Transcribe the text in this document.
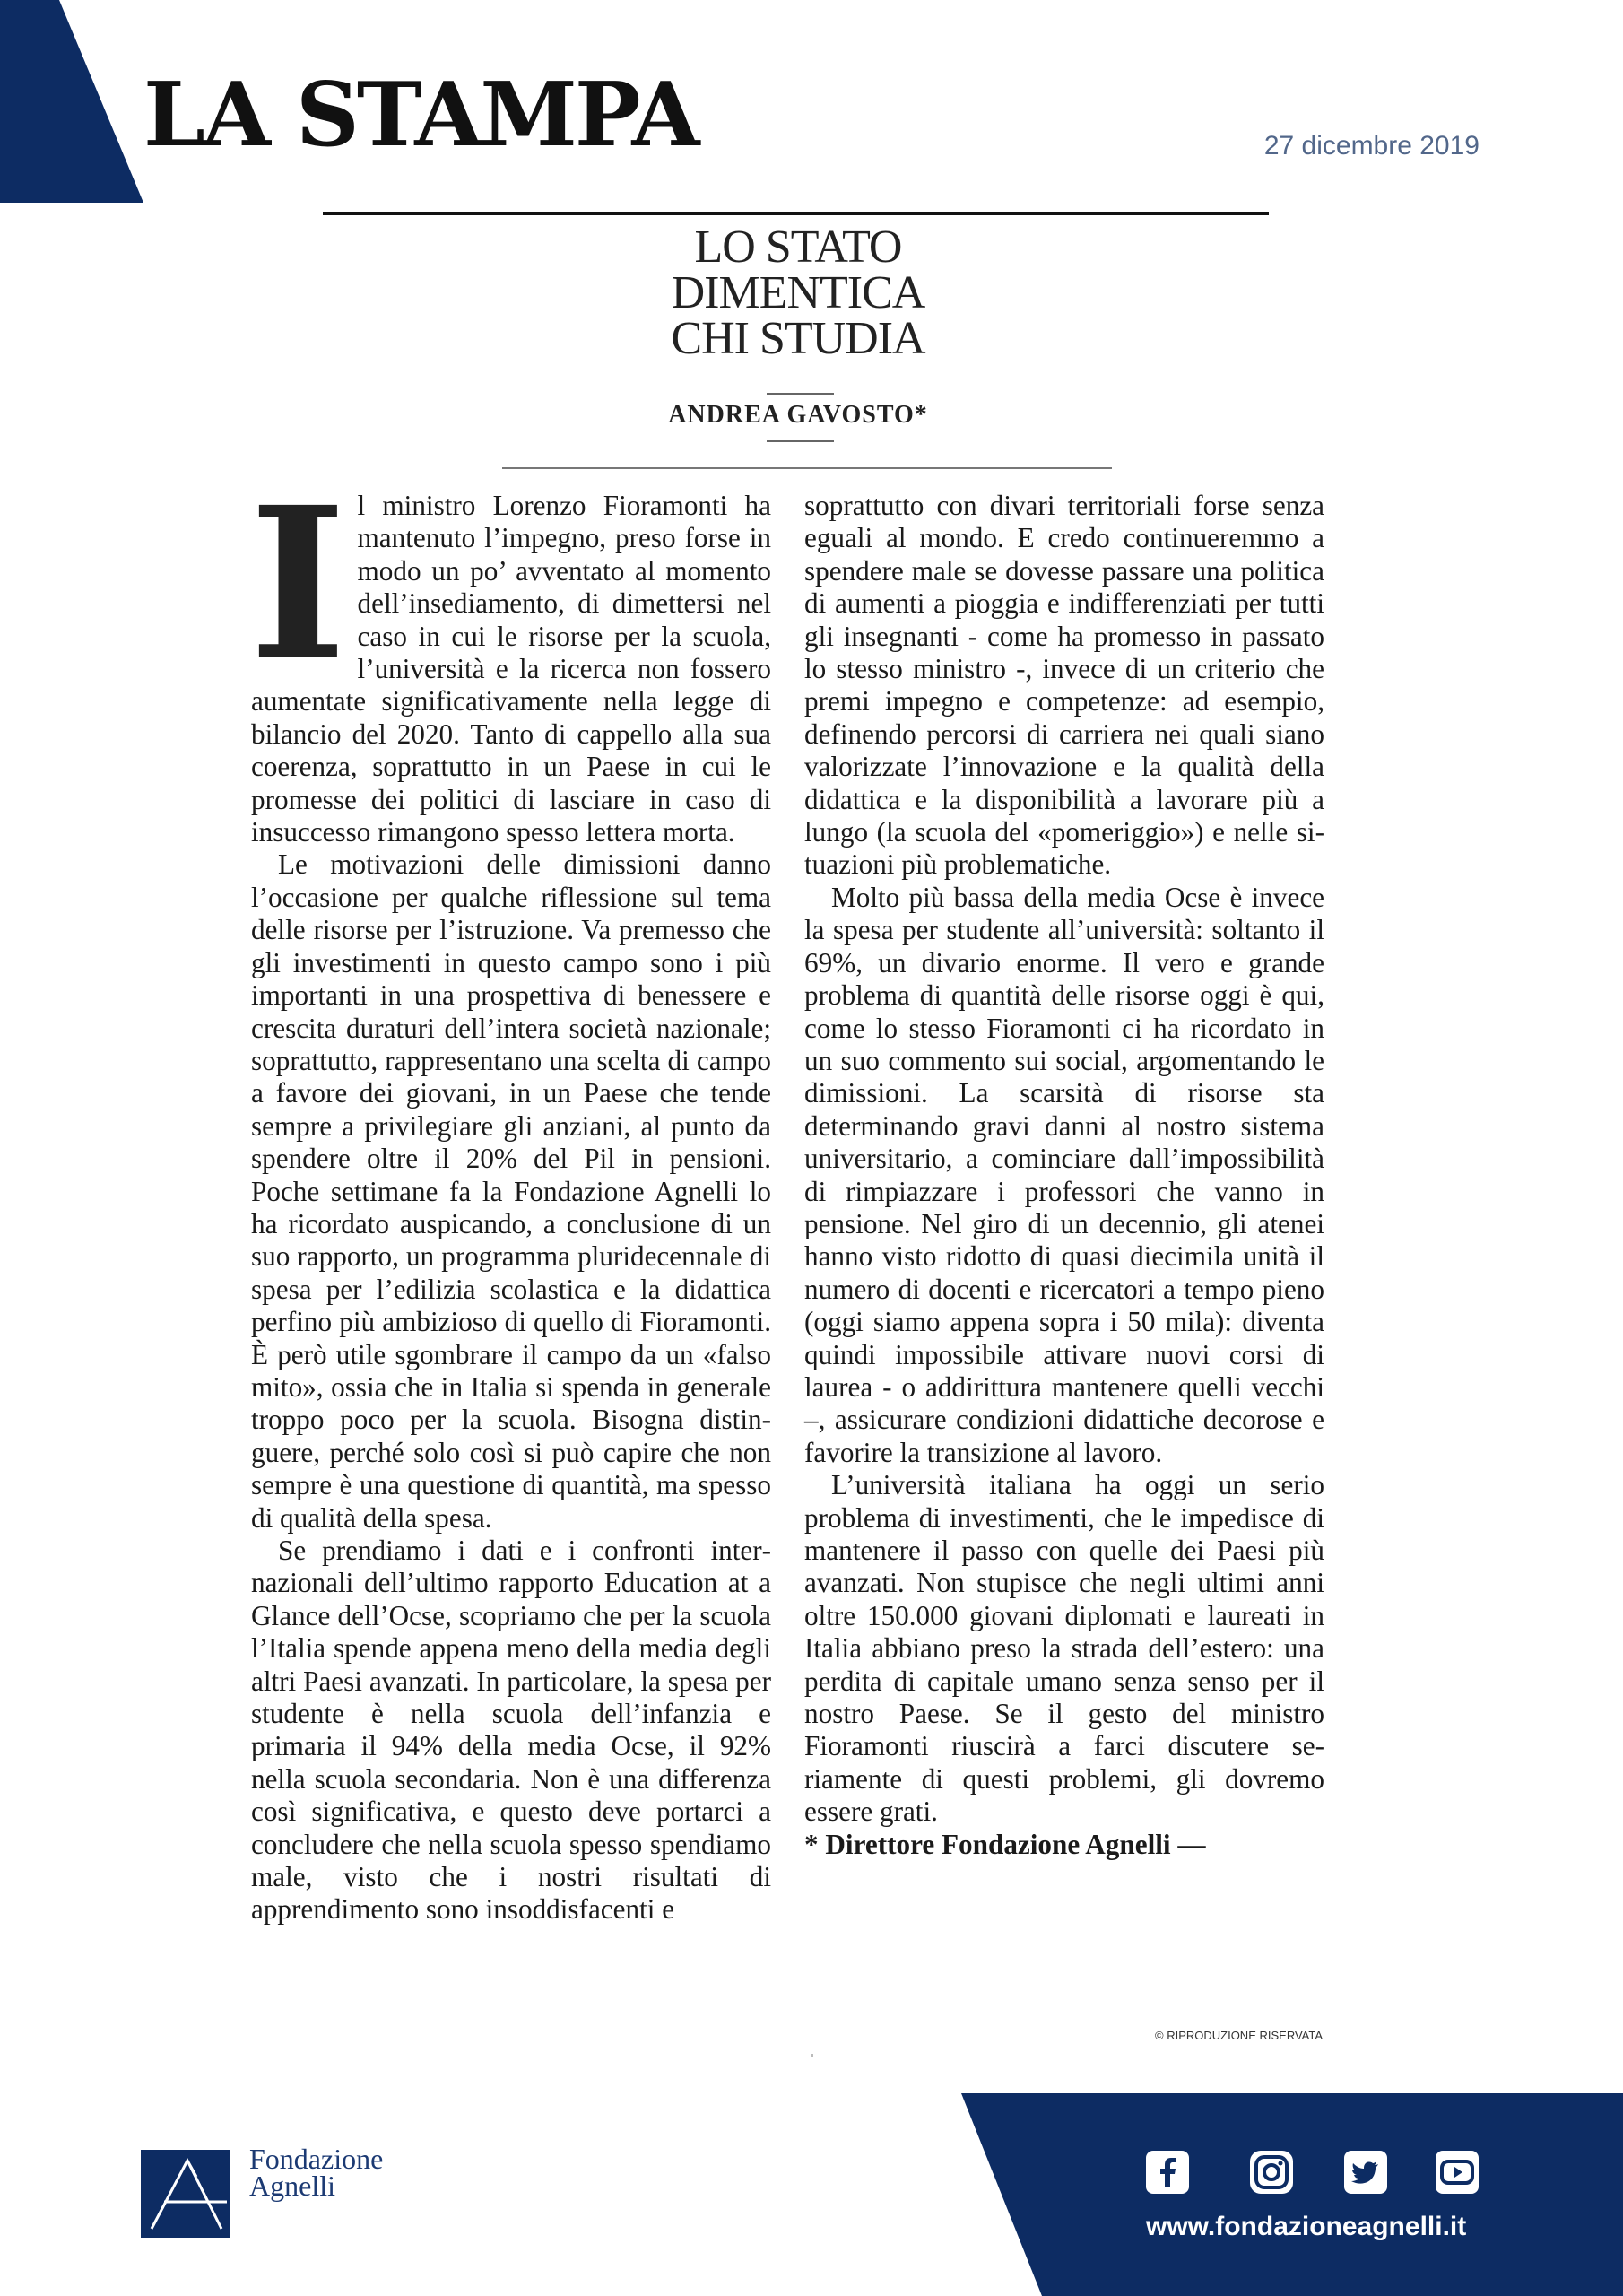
LA STAMPA	27 dicembre 2019
LO STATO
DIMENTICA
CHI STUDIA
ANDREA GAVOSTO*

Il ministro Lorenzo Fioramonti ha mantenuto l’impegno, preso forse in modo un po’ avventato al momento dell’insediamento, di dimettersi nel caso in cui le risorse per la scuola, l’università e la ricerca non fossero aumentate significativamente nella legge di bilancio del 2020. Tanto di cappello alla sua coerenza, soprattutto in un Paese in cui le promesse dei politici di lasciare in caso di insuccesso rimangono spesso lettera morta.

Le motivazioni delle dimissioni danno l’occasione per qualche riflessione sul tema delle risorse per l’istruzione. Va premesso che gli investimenti in questo campo sono i più importanti in una prospettiva di benessere e crescita duraturi dell’intera società nazionale; soprattutto, rappresentano una scelta di campo a favore dei giovani, in un Paese che tende sempre a privilegiare gli anziani, al punto da spendere oltre il 20% del Pil in pensioni. Poche settimane fa la Fondazione Agnelli lo ha ricordato auspicando, a conclusione di un suo rapporto, un programma pluridecennale di spesa per l’edilizia scolastica e la didattica perfino più ambizioso di quello di Fioramonti. È però utile sgombrare il campo da un «falso mito», ossia che in Italia si spenda in generale troppo poco per la scuola. Bisogna distinguere, perché solo così si può capire che non sempre è una questione di quantità, ma spesso di qualità della spesa.

Se prendiamo i dati e i confronti internazionali dell’ultimo rapporto Education at a Glance dell’Ocse, scopriamo che per la scuola l’Italia spende appena meno della media degli altri Paesi avanzati. In particolare, la spesa per studente è nella scuola dell’infanzia e primaria il 94% della media Ocse, il 92% nella scuola secondaria. Non è una differenza così significativa, e questo deve portarci a concludere che nella scuola spesso spendiamo male, visto che i nostri risultati di apprendimento sono insoddisfacenti e

soprattutto con divari territoriali forse senza eguali al mondo. E credo continueremmo a spendere male se dovesse passare una politica di aumenti a pioggia e indifferenziati per tutti gli insegnanti - come ha promesso in passato lo stesso ministro -, invece di un criterio che premi impegno e competenze: ad esempio, definendo percorsi di carriera nei quali siano valorizzate l’innovazione e la qualità della didattica e la disponibilità a lavorare più a lungo (la scuola del «pomeriggio») e nelle situazioni più problematiche.

Molto più bassa della media Ocse è invece la spesa per studente all’università: soltanto il 69%, un divario enorme. Il vero e grande problema di quantità delle risorse oggi è qui, come lo stesso Fioramonti ci ha ricordato in un suo commento sui social, argomentando le dimissioni. La scarsità di risorse sta determinando gravi danni al nostro sistema universitario, a cominciare dall’impossibilità di rimpiazzare i professori che vanno in pensione. Nel giro di un decennio, gli atenei hanno visto ridotto di quasi diecimila unità il numero di docenti e ricercatori a tempo pieno (oggi siamo appena sopra i 50 mila): diventa quindi impossibile attivare nuovi corsi di laurea - o addirittura mantenere quelli vecchi –, assicurare condizioni didattiche decorose e favorire la transizione al lavoro.

L’università italiana ha oggi un serio problema di investimenti, che le impedisce di mantenere il passo con quelle dei Paesi più avanzati. Non stupisce che negli ultimi anni oltre 150.000 giovani diplomati e laureati in Italia abbiano preso la strada dell’estero: una perdita di capitale umano senza senso per il nostro Paese. Se il gesto del ministro Fioramonti riuscirà a farci discutere seriamente di questi problemi, gli dovremo essere grati.

* Direttore Fondazione Agnelli —

© RIPRODUZIONE RISERVATA
Fondazione
Agnelli
www.fondazioneagnelli.it
